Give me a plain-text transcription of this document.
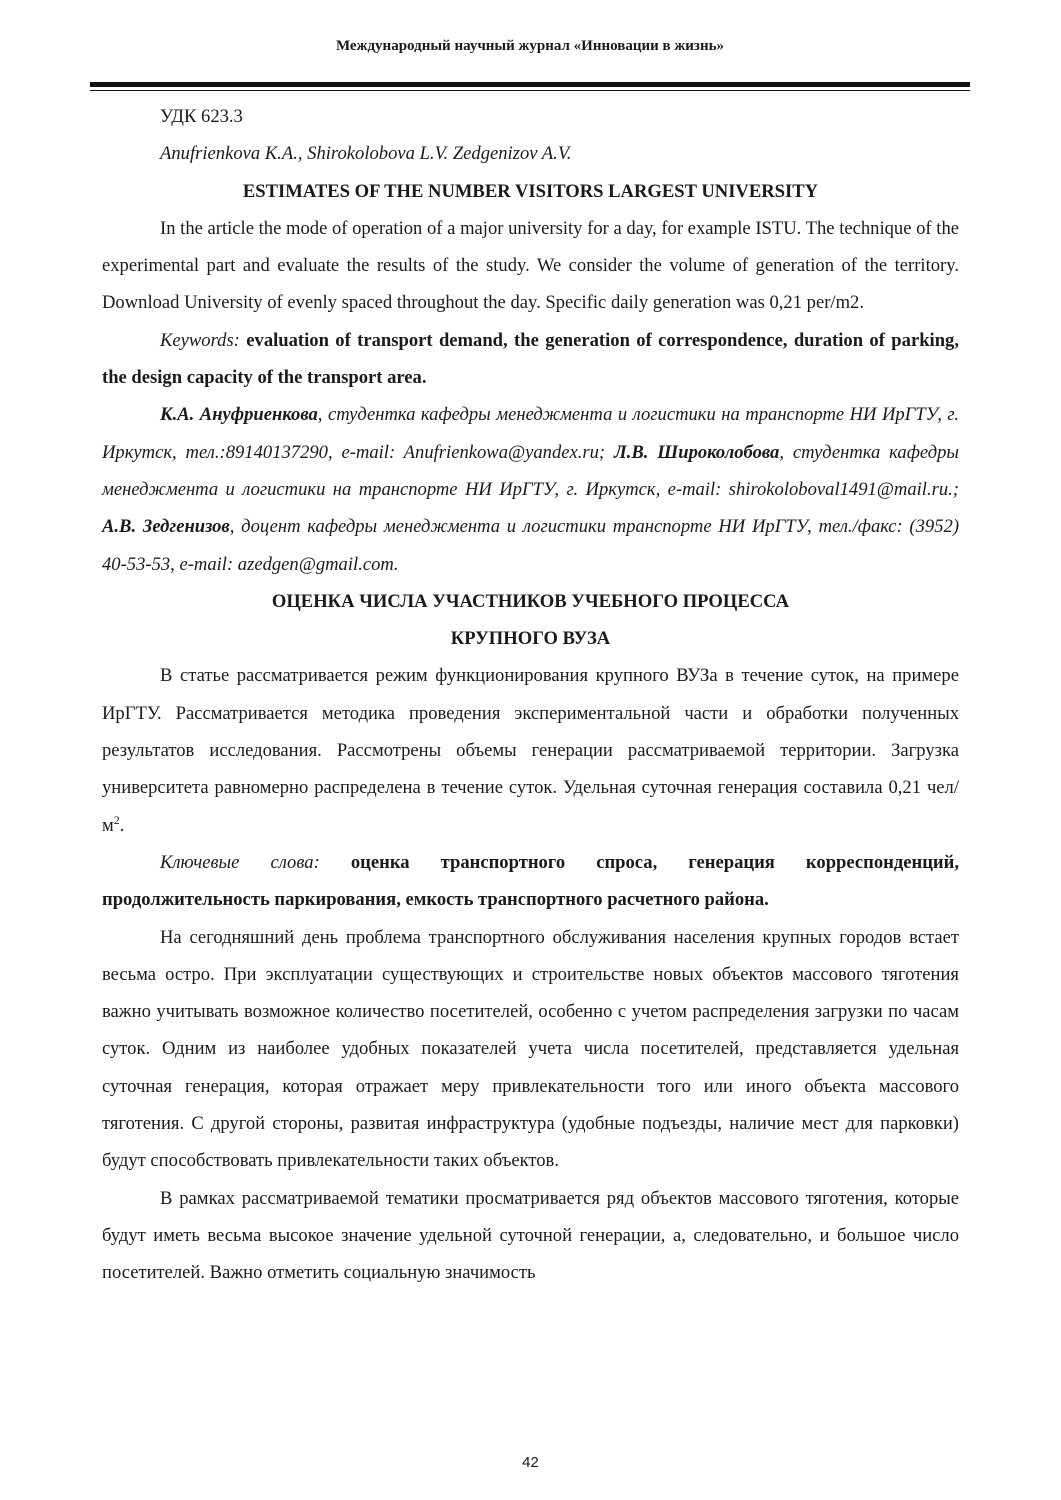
Международный научный журнал «Инновации в жизнь»

УДК 623.3

Anufrienkova K.A., Shirokolobova L.V. Zedgenizov A.V.

ESTIMATES OF THE NUMBER VISITORS LARGEST UNIVERSITY

In the article the mode of operation of a major university for a day, for example ISTU. The technique of the experimental part and evaluate the results of the study. We consider the volume of generation of the territory. Download University of evenly spaced throughout the day. Specific daily generation was 0,21 per/m2.

Keywords: evaluation of transport demand, the generation of correspondence, duration of parking, the design capacity of the transport area.

К.А. Ануфриенкова, студентка кафедры менеджмента и логистики на транспорте НИ ИрГТУ, г. Иркутск, тел.:89140137290, e-mail: Anufrienkowa@yandex.ru; Л.В. Широколобова, студентка кафедры менеджмента и логистики на транспорте НИ ИрГТУ, г. Иркутск, e-mail: shirokoloboval1491@mail.ru.; А.В. Зедгенизов, доцент кафедры менеджмента и логистики транспорте НИ ИрГТУ, тел./факс: (3952) 40-53-53, e-mail: azedgen@gmail.com.

ОЦЕНКА ЧИСЛА УЧАСТНИКОВ УЧЕБНОГО ПРОЦЕССА

КРУПНОГО ВУЗА

В статье рассматривается режим функционирования крупного ВУЗа в течение суток, на примере ИрГТУ. Рассматривается методика проведения экспериментальной части и обработки полученных результатов исследования. Рассмотрены объемы генерации рассматриваемой территории. Загрузка университета равномерно распределена в течение суток. Удельная суточная генерация составила 0,21 чел/$м^2$.

Ключевые слова: оценка транспортного спроса, генерация корреспонденций, продолжительность паркирования, емкость транспортного расчетного района.

На сегодняшний день проблема транспортного обслуживания населения крупных городов встает весьма остро. При эксплуатации существующих и строительстве новых объектов массового тяготения важно учитывать возможное количество посетителей, особенно с учетом распределения загрузки по часам суток. Одним из наиболее удобных показателей учета числа посетителей, представляется удельная суточная генерация, которая отражает меру привлекательности того или иного объекта массового тяготения. С другой стороны, развитая инфраструктура (удобные подъезды, наличие мест для парковки) будут способствовать привлекательности таких объектов.

В рамках рассматриваемой тематики просматривается ряд объектов массового тяготения, которые будут иметь весьма высокое значение удельной суточной генерации, а, следовательно, и большое число посетителей. Важно отметить социальную значимость

42
